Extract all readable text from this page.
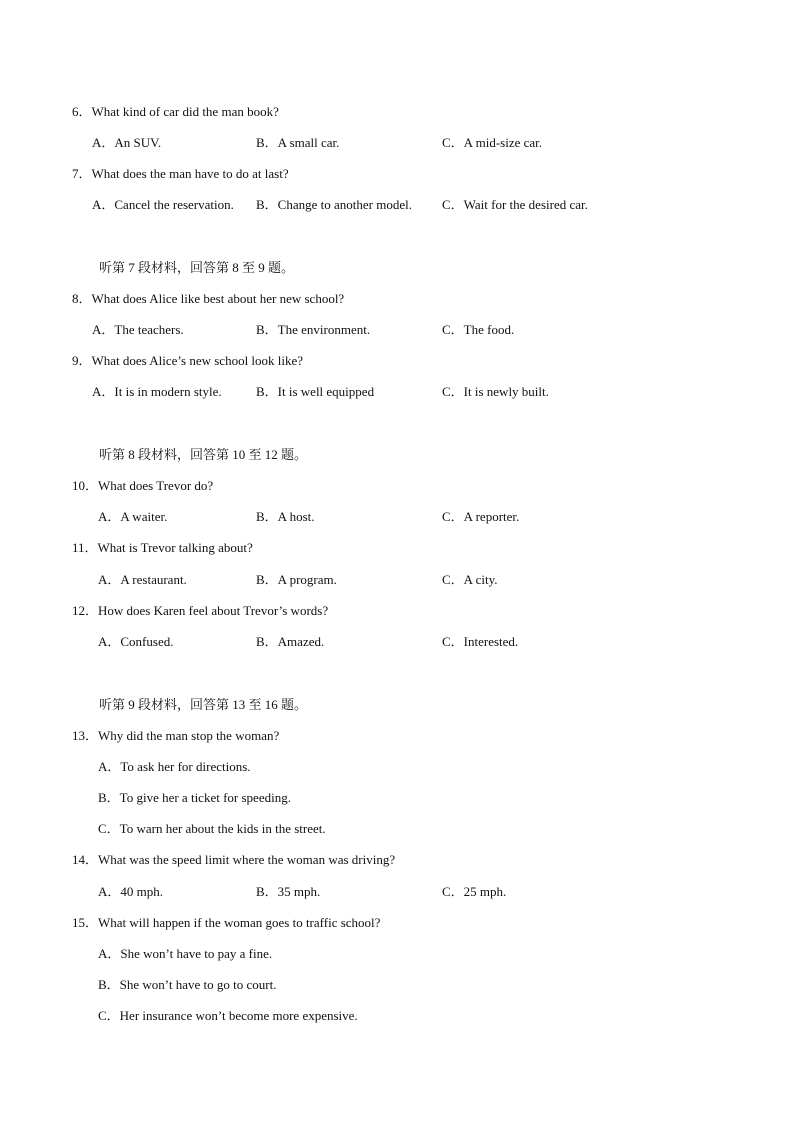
6．What kind of car did the man book?
A．An SUV.	B．A small car.	C．A mid-size car.
7．What does the man have to do at last?
A．Cancel the reservation. B．Change to another model. C．Wait for the desired car.
听第 7 段材料，回答第 8 至 9 题。
8．What does Alice like best about her new school?
A．The teachers.	B．The environment.	C．The food.
9．What does Alice’s new school look like?
A．It is in modern style.	B．It is well equipped	C．It is newly built.
听第 8 段材料，回答第 10 至 12 题。
10．What does Trevor do?
A．A waiter.	B．A host.	C．A reporter.
11．What is Trevor talking about?
A．A restaurant.	B．A program.	C．A city.
12．How does Karen feel about Trevor’s words?
A．Confused.	B．Amazed.	C．Interested.
听第 9 段材料，回答第 13 至 16 题。
13．Why did the man stop the woman?
A．To ask her for directions.
B．To give her a ticket for speeding.
C．To warn her about the kids in the street.
14．What was the speed limit where the woman was driving?
A．40 mph.	B．35 mph.	C．25 mph.
15．What will happen if the woman goes to traffic school?
A．She won’t have to pay a fine.
B．She won’t have to go to court.
C．Her insurance won’t become more expensive.
